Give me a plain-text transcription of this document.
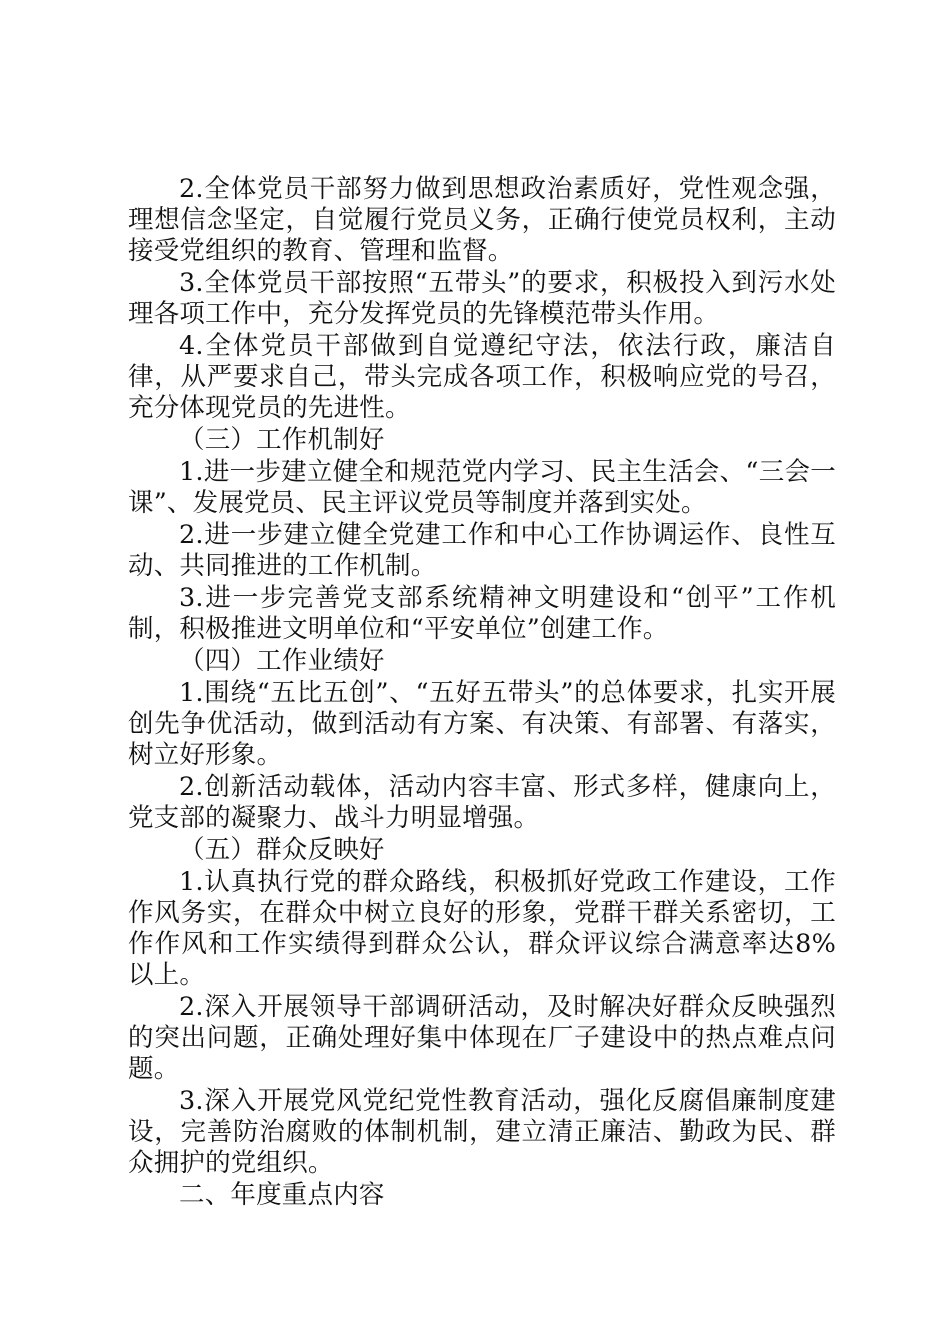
2.全体党员干部努力做到思想政治素质好，党性观念强，理想信念坚定，自觉履行党员义务，正确行使党员权利，主动接受党组织的教育、管理和监督。

3.全体党员干部按照“五带头”的要求，积极投入到污水处理各项工作中，充分发挥党员的先锋模范带头作用。

4.全体党员干部做到自觉遵纪守法，依法行政，廉洁自律，从严要求自己，带头完成各项工作，积极响应党的号召，充分体现党员的先进性。

（三）工作机制好

1.进一步建立健全和规范党内学习、民主生活会、“三会一课”、发展党员、民主评议党员等制度并落到实处。

2.进一步建立健全党建工作和中心工作协调运作、良性互动、共同推进的工作机制。

3.进一步完善党支部系统精神文明建设和“创平”工作机制，积极推进文明单位和“平安单位”创建工作。

（四）工作业绩好

1.围绕“五比五创”、“五好五带头”的总体要求，扎实开展创先争优活动，做到活动有方案、有决策、有部署、有落实，树立好形象。

2.创新活动载体，活动内容丰富、形式多样，健康向上，党支部的凝聚力、战斗力明显增强。

（五）群众反映好

1.认真执行党的群众路线，积极抓好党政工作建设，工作作风务实，在群众中树立良好的形象，党群干群关系密切，工作作风和工作实绩得到群众公认，群众评议综合满意率达8%以上。

2.深入开展领导干部调研活动，及时解决好群众反映强烈的突出问题，正确处理好集中体现在厂子建设中的热点难点问题。

3.深入开展党风党纪党性教育活动，强化反腐倡廉制度建设，完善防治腐败的体制机制，建立清正廉洁、勤政为民、群众拥护的党组织。

二、年度重点内容
